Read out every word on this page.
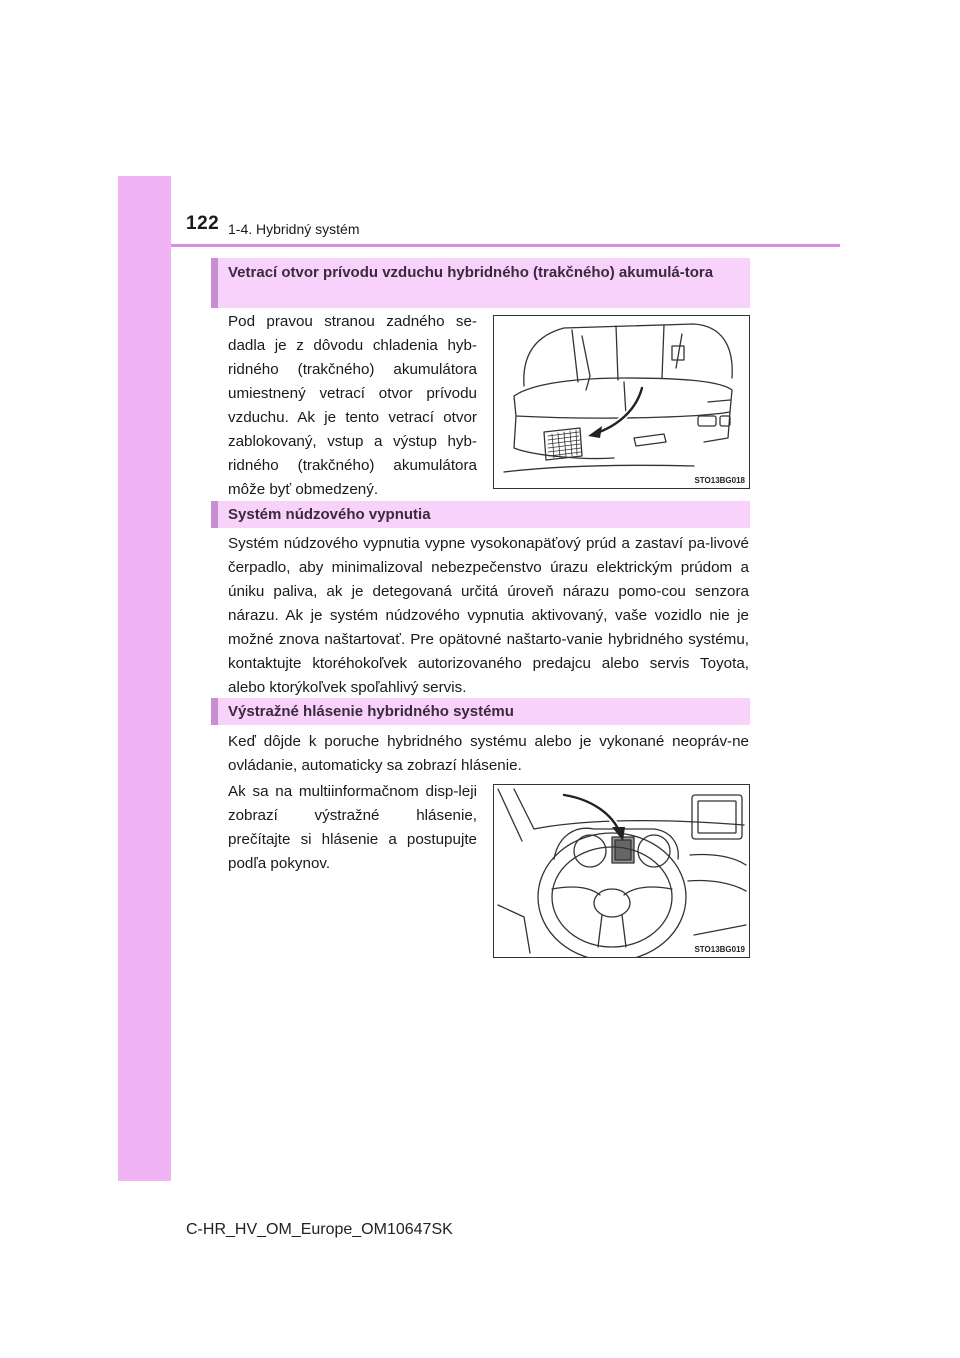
122 1-4. Hybridný systém
Vetrací otvor prívodu vzduchu hybridného (trakčného) akumulá-tora

Pod pravou stranou zadného se-dadla je z dôvodu chladenia hyb-ridného (trakčného) akumulátora umiestnený vetrací otvor prívodu vzduchu. Ak je tento vetrací otvor zablokovaný, vstup a výstup hyb-ridného (trakčného) akumulátora môže byť obmedzený.

STO13BG018
Systém núdzového vypnutia

Systém núdzového vypnutia vypne vysokonapäťový prúd a zastaví pa-livové čerpadlo, aby minimalizoval nebezpečenstvo úrazu elektrickým prúdom a úniku paliva, ak je detegovaná určitá úroveň nárazu pomo-cou senzora nárazu. Ak je systém núdzového vypnutia aktivovaný, vaše vozidlo nie je možné znova naštartovať. Pre opätovné naštarto-vanie hybridného systému, kontaktujte ktoréhokoľvek autorizovaného predajcu alebo servis Toyota, alebo ktorýkoľvek spoľahlivý servis.

Výstražné hlásenie hybridného systému

Keď dôjde k poruche hybridného systému alebo je vykonané neopráv-ne ovládanie, automaticky sa zobrazí hlásenie.

Ak sa na multiinformačnom disp-leji zobrazí výstražné hlásenie, prečítajte si hlásenie a postupujte podľa pokynov.

STO13BG019
C-HR_HV_OM_Europe_OM10647SK
